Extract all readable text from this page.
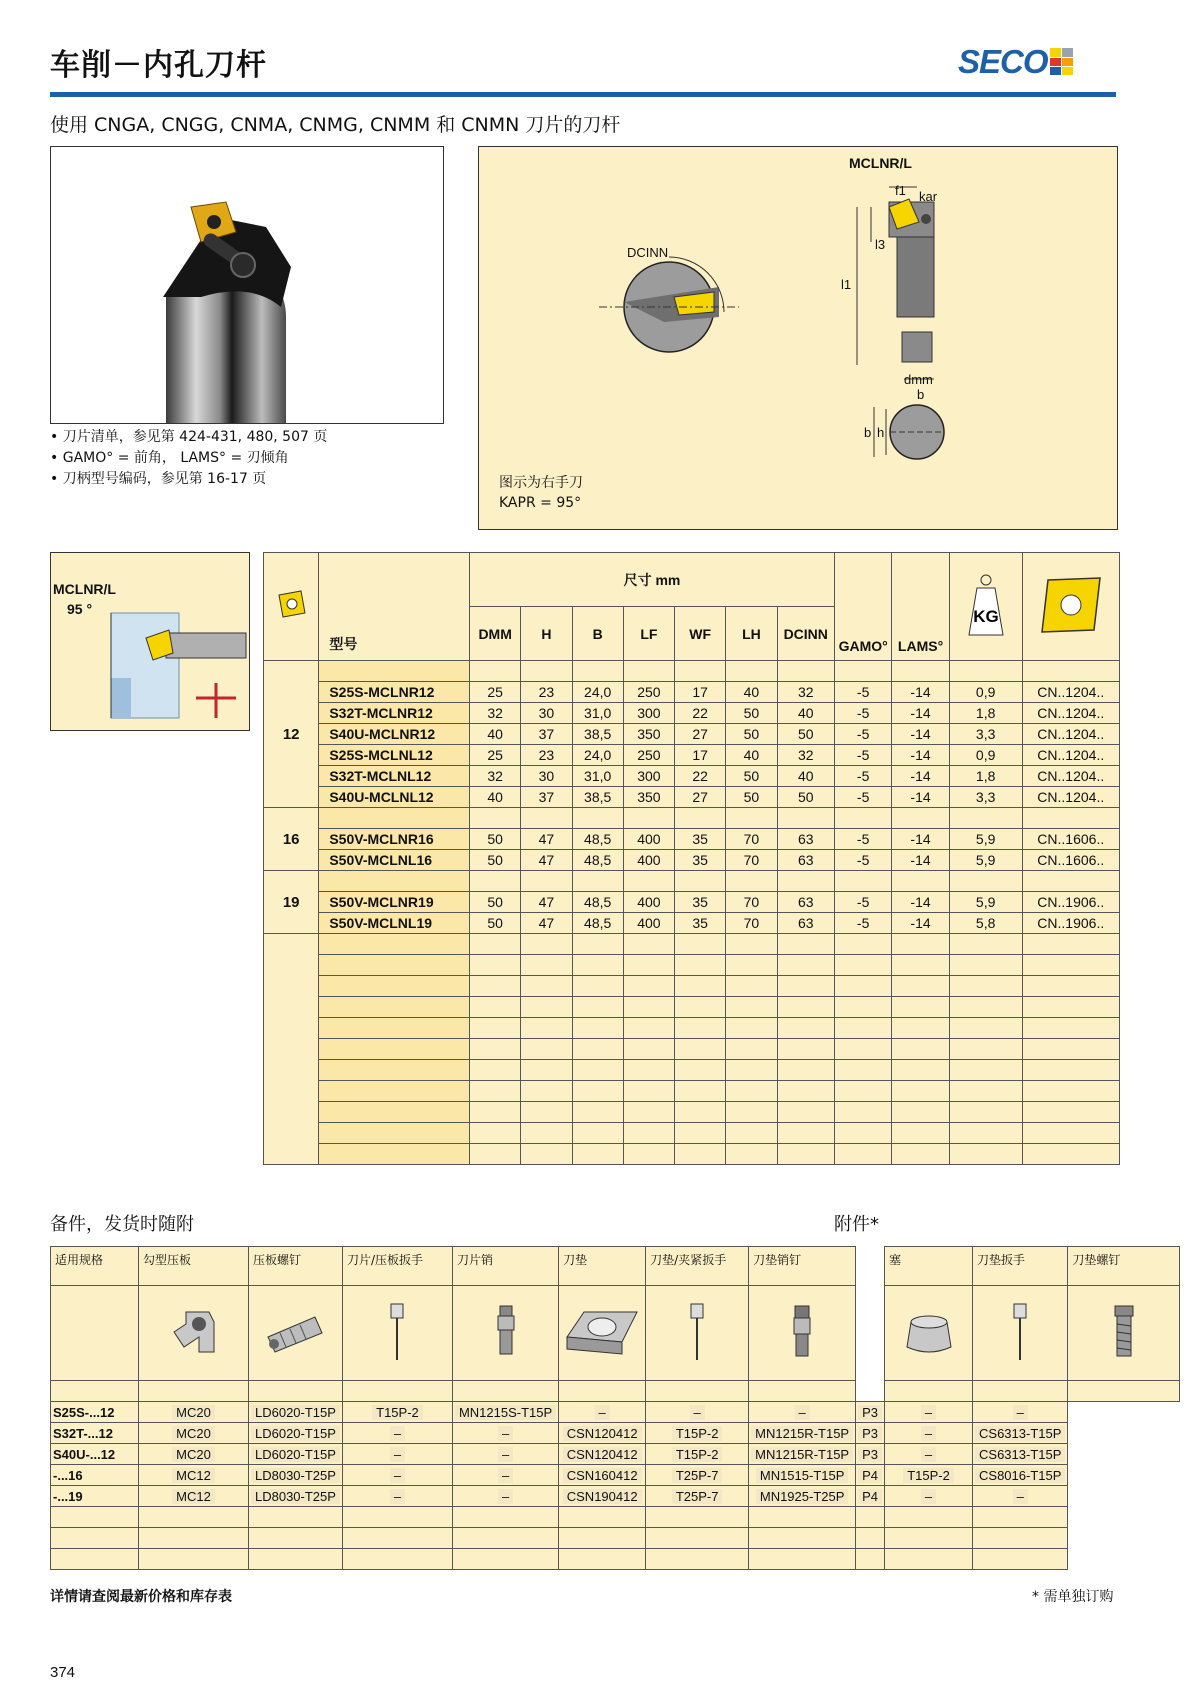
车削－内孔刀杆	SECO
使用 CNGA, CNGG, CNMA, CNMG, CNMM 和 CNMN 刀片的刀杆
• 刀片清单，参见第 424-431, 480, 507 页
• GAMO° = 前角， LAMS° = 刃倾角
• 刀柄型号编码，参见第 16-17 页
MCLNR/L
DCINN
f1 kar
l3
l1
dmm
b
b h
图示为右手刀
KAPR = 95°
MCLNR/L
95 °
	型号	尺寸 mm							GAMO°	LAMS°	KG

		DMM	H	B	LF	WF	LH	DCINN				
12												
	S25S-MCLNR12	25	23	24,0	250	17	40	32	-5	-14	0,9	CN..1204..
	S32T-MCLNR12	32	30	31,0	300	22	50	40	-5	-14	1,8	CN..1204..
	S40U-MCLNR12	40	37	38,5	350	27	50	50	-5	-14	3,3	CN..1204..
	S25S-MCLNL12	25	23	24,0	250	17	40	32	-5	-14	0,9	CN..1204..
	S32T-MCLNL12	32	30	31,0	300	22	50	40	-5	-14	1,8	CN..1204..
	S40U-MCLNL12	40	37	38,5	350	27	50	50	-5	-14	3,3	CN..1204..
16												
	S50V-MCLNR16	50	47	48,5	400	35	70	63	-5	-14	5,9	CN..1606..
	S50V-MCLNL16	50	47	48,5	400	35	70	63	-5	-14	5,9	CN..1606..
19												
	S50V-MCLNR19	50	47	48,5	400	35	70	63	-5	-14	5,9	CN..1906..
	S50V-MCLNL19	50	47	48,5	400	35	70	63	-5	-14	5,8	CN..1906..

备件，发货时随附	附件*
适用规格	勾型压板	压板螺钉	刀片/压板扳手	刀片销	刀垫	刀垫/夹紧扳手	刀垫销钉		塞	刀垫扳手	刀垫螺钉

S25S-...12	MC20	LD6020-T15P	T15P-2	MN1215S-T15P	–	–	–	P3	–	–	
S32T-...12	MC20	LD6020-T15P	–	–	CSN120412	T15P-2	MN1215R-T15P	P3	–	CS6313-T15P	
S40U-...12	MC20	LD6020-T15P	–	–	CSN120412	T15P-2	MN1215R-T15P	P3	–	CS6313-T15P	
-...16	MC12	LD8030-T25P	–	–	CSN160412	T25P-7	MN1515-T15P	P4	T15P-2	CS8016-T15P	
-...19	MC12	LD8030-T25P	–	–	CSN190412	T25P-7	MN1925-T25P	P4	–	–	

详情请查阅最新价格和库存表	* 需单独订购
374
